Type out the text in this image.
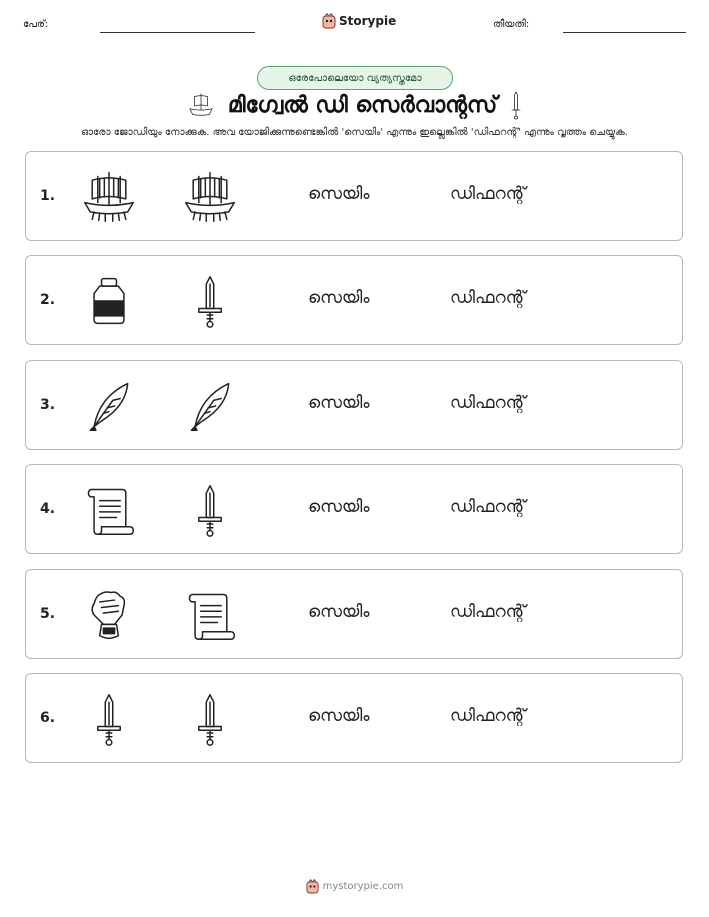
പേര്:	Storypie	തീയതി:
ഒരേപോലെയോ വ്യത്യസ്തമോ
മിഗ്വേൽ ഡി സെർവാന്റസ്
ഓരോ ജോഡിയും നോക്കുക. അവ യോജിക്കുന്നുണ്ടെങ്കിൽ 'സെയിം' എന്നും ഇല്ലെങ്കിൽ 'ഡിഫറന്റ്' എന്നും വൃത്തം ചെയ്യുക.
1.	സെയിം	ഡിഫറന്റ്
2.	സെയിം	ഡിഫറന്റ്
3.	സെയിം	ഡിഫറന്റ്
4.	സെയിം	ഡിഫറന്റ്
5.	സെയിം	ഡിഫറന്റ്
6.	സെയിം	ഡിഫറന്റ്
mystorypie.com
